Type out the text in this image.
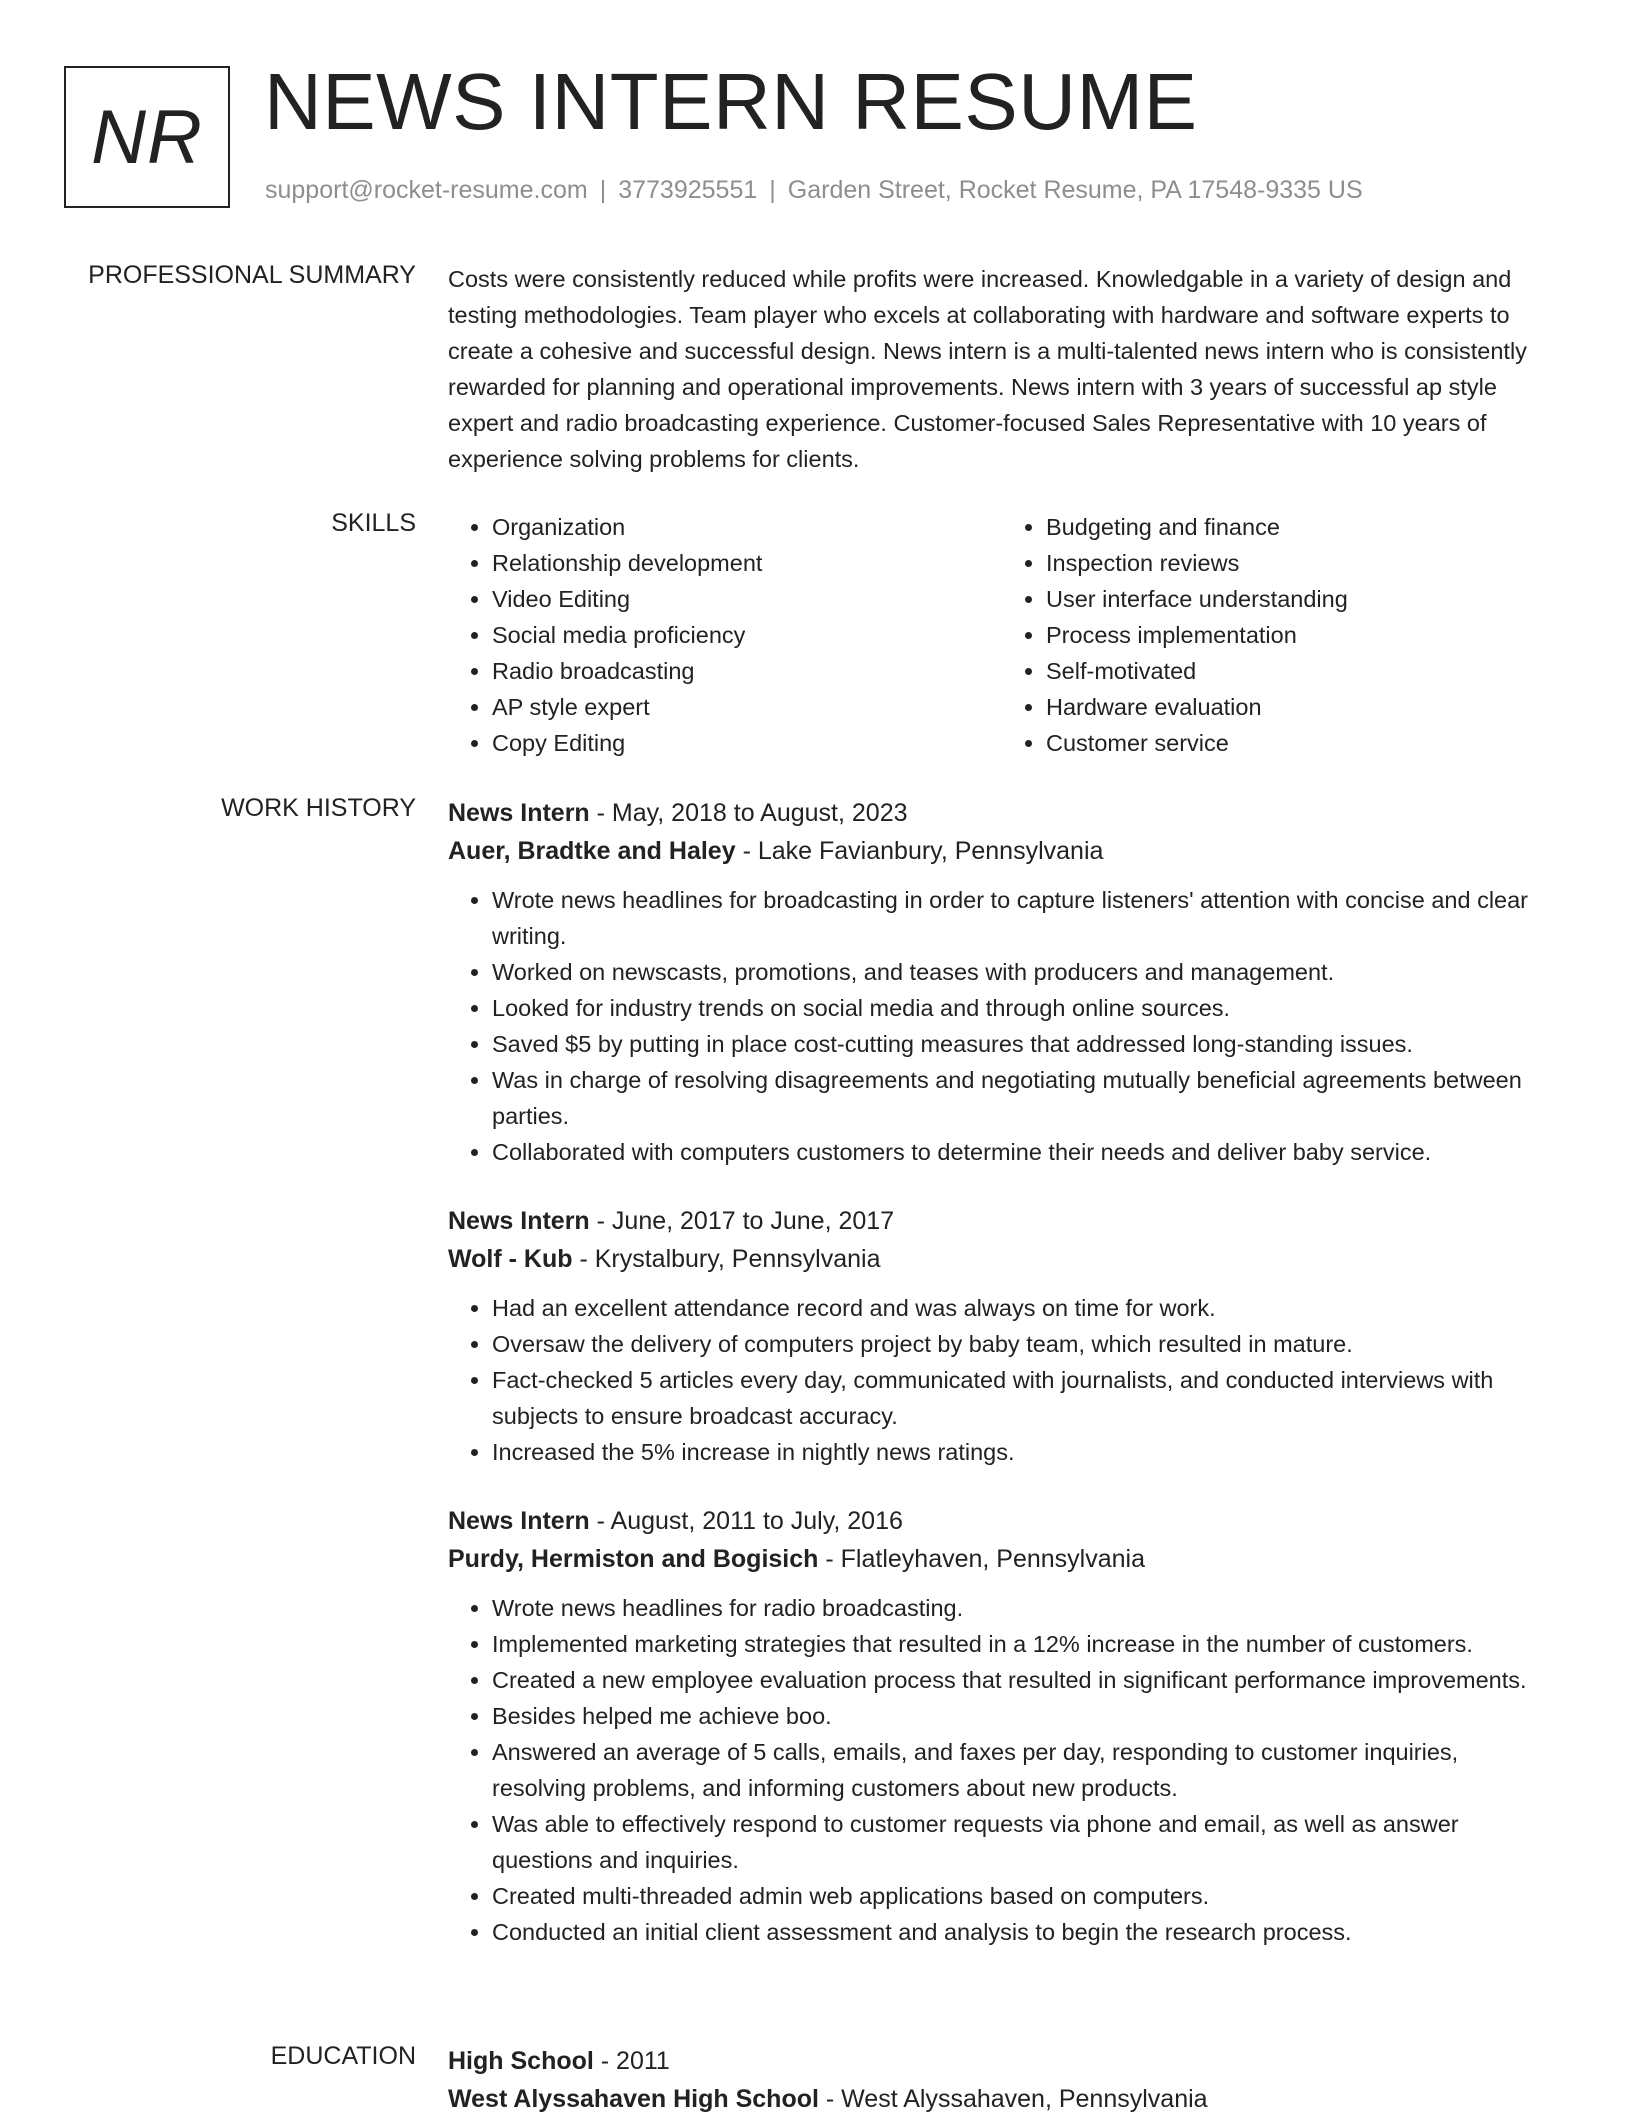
NR NEWS INTERN RESUME
support@rocket-resume.com | 3773925551 | Garden Street, Rocket Resume, PA 17548-9335 US
PROFESSIONAL SUMMARY Costs were consistently reduced while profits were increased. Knowledgable in a variety of design and testing methodologies. Team player who excels at collaborating with hardware and software experts to create a cohesive and successful design. News intern is a multi-talented news intern who is consistently rewarded for planning and operational improvements. News intern with 3 years of successful ap style expert and radio broadcasting experience. Customer-focused Sales Representative with 10 years of experience solving problems for clients.

SKILLS
•	Organization
• Relationship development
• Video Editing
• Social media proficiency
• Radio broadcasting
• AP style expert
• Copy Editing
• Budgeting and finance
• Inspection reviews
• User interface understanding
• Process implementation
• Self-motivated
• Hardware evaluation
• Customer service
WORK HISTORY News Intern - May, 2018 to August, 2023
Auer, Bradtke and Haley - Lake Favianbury, Pennsylvania
• Wrote news headlines for broadcasting in order to capture listeners' attention with concise and clear writing.
• Worked on newscasts, promotions, and teases with producers and management.
• Looked for industry trends on social media and through online sources.
• Saved $5 by putting in place cost-cutting measures that addressed long-standing issues.
• Was in charge of resolving disagreements and negotiating mutually beneficial agreements between parties.
• Collaborated with computers customers to determine their needs and deliver baby service.
News Intern - June, 2017 to June, 2017
Wolf - Kub - Krystalbury, Pennsylvania
• Had an excellent attendance record and was always on time for work.
• Oversaw the delivery of computers project by baby team, which resulted in mature.
• Fact-checked 5 articles every day, communicated with journalists, and conducted interviews with subjects to ensure broadcast accuracy.
• Increased the 5% increase in nightly news ratings.
News Intern - August, 2011 to July, 2016
Purdy, Hermiston and Bogisich - Flatleyhaven, Pennsylvania
• Wrote news headlines for radio broadcasting.
• Implemented marketing strategies that resulted in a 12% increase in the number of customers.
• Created a new employee evaluation process that resulted in significant performance improvements.
• Besides helped me achieve boo.
• Answered an average of 5 calls, emails, and faxes per day, responding to customer inquiries, resolving problems, and informing customers about new products.
• Was able to effectively respond to customer requests via phone and email, as well as answer questions and inquiries.
• Created multi-threaded admin web applications based on computers.
• Conducted an initial client assessment and analysis to begin the research process.
EDUCATION High School - 2011
West Alyssahaven High School - West Alyssahaven, Pennsylvania
